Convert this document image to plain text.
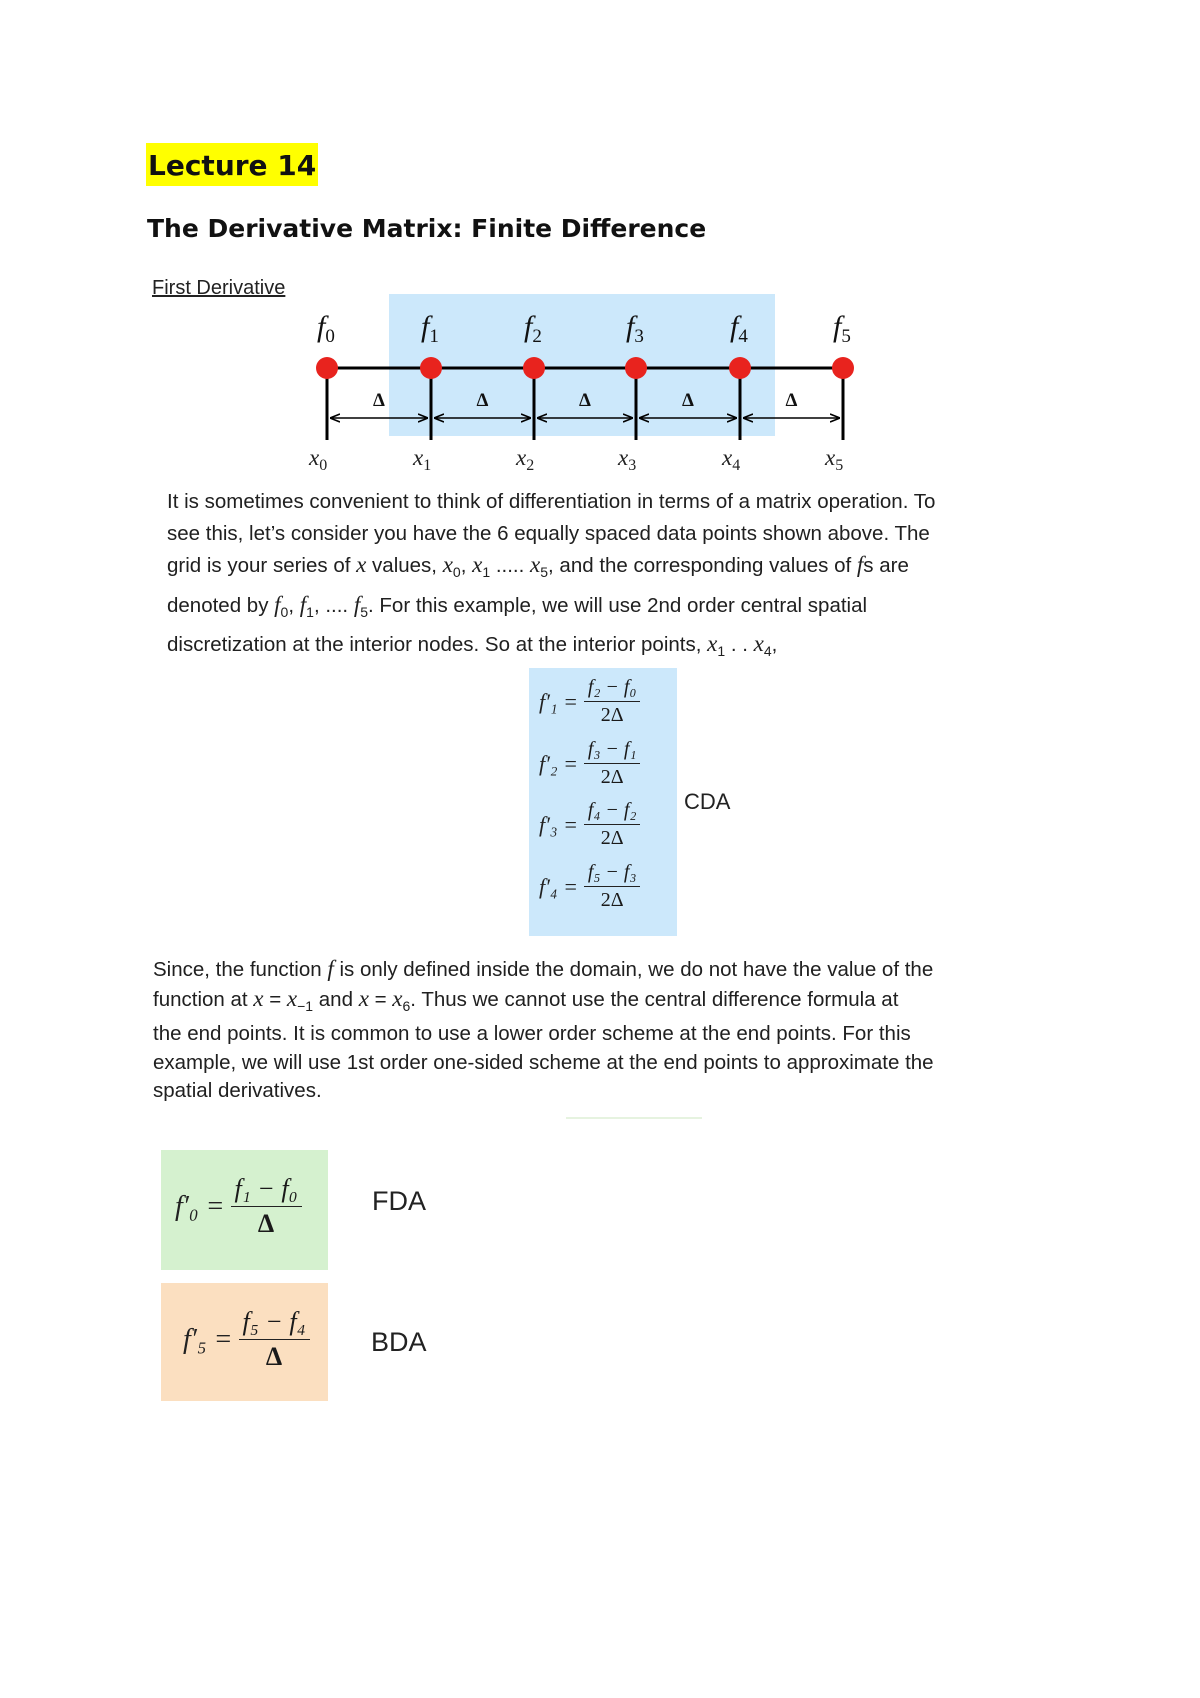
Lecture 14
The Derivative Matrix: Finite Difference
First Derivative
$f_0$	$f_1$	$f_2$	$f_3$	$f_4$	$f_5$
$x_0$	$x_1$	$x_2$	$x_3$	$x_4$	$x_5$
Δ	Δ	Δ	Δ	Δ
It is sometimes convenient to think of differentiation in terms of a matrix operation. To
see this, let’s consider you have the 6 equally spaced data points shown above. The
grid is your series of x values, $x_0$, $x_1$ ..... $x_5$, and the corresponding values of fs are
denoted by $f_0$, $f_1$, .... $f_5$. For this example, we will use 2nd order central spatial
discretization at the interior nodes. So at the interior points, $x_1$ . . $x_4$,
$f'_1 = \frac{\text{f₂ − f₀}}{2\Delta}$
$f'_2 = \frac{\text{f₃ − f₁}}{2\Delta}$
$f'_3 = \frac{\text{f₄ − f₂}}{2\Delta}$
$f'_4 = \frac{\text{f₅ − f₃}}{2\Delta}$
CDA
Since, the function f is only defined inside the domain, we do not have the value of the
function at $x = x_{-1}$ and $x = x_6$. Thus we cannot use the central difference formula at
the end points. It is common to use a lower order scheme at the end points. For this
example, we will use 1st order one-sided scheme at the end points to approximate the
spatial derivatives.
$f'_0 = \frac{\text{f₁ − f₀}}{\Delta}$	FDA
$f'_5 = \frac{\text{f₅ − f₄}}{\Delta}$ BDA
